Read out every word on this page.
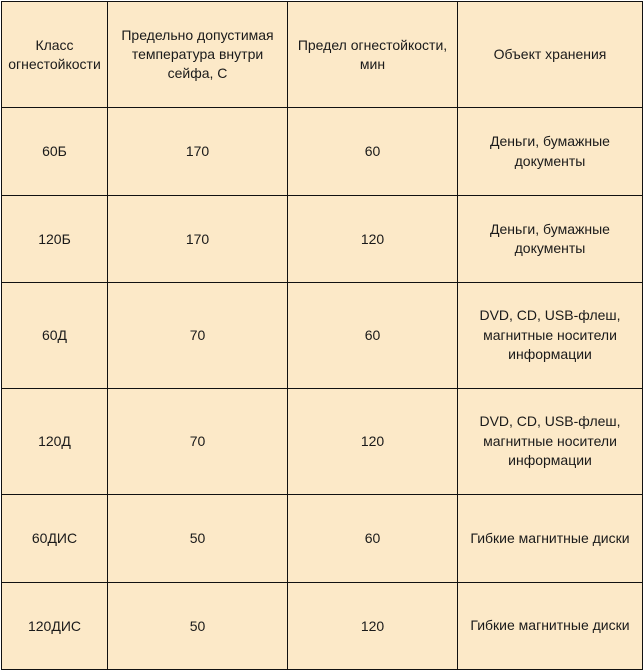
Класс огнестойкости	Предельно допустимая температура внутри сейфа, С	Предел огнестойкости, мин	Объект хранения
60Б	170	60	Деньги, бумажные документы
120Б	170	120	Деньги, бумажные документы
60Д	70	60	DVD, CD, USB-флеш, магнитные носители информации
120Д	70	120	DVD, CD, USB-флеш, магнитные носители информации
60ДИС	50	60	Гибкие магнитные диски
120ДИС	50	120	Гибкие магнитные диски
